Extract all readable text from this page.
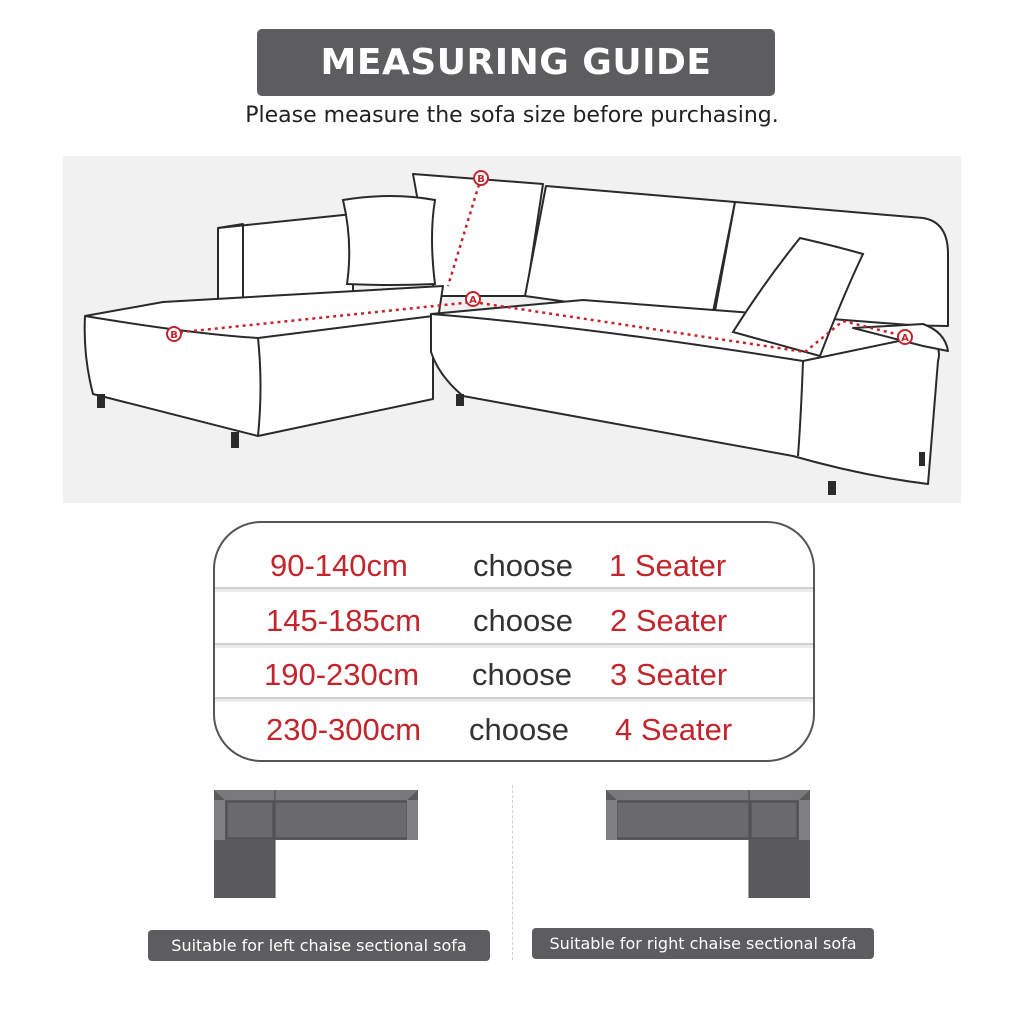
MEASURING GUIDE
Please measure the sofa size before purchasing.
B
B
A
A
90-140cm choose 1 Seater
145-185cm choose 2 Seater
190-230cm choose 3 Seater
230-300cm choose 4 Seater
Suitable for left chaise sectional sofa	Suitable for right chaise sectional sofa
